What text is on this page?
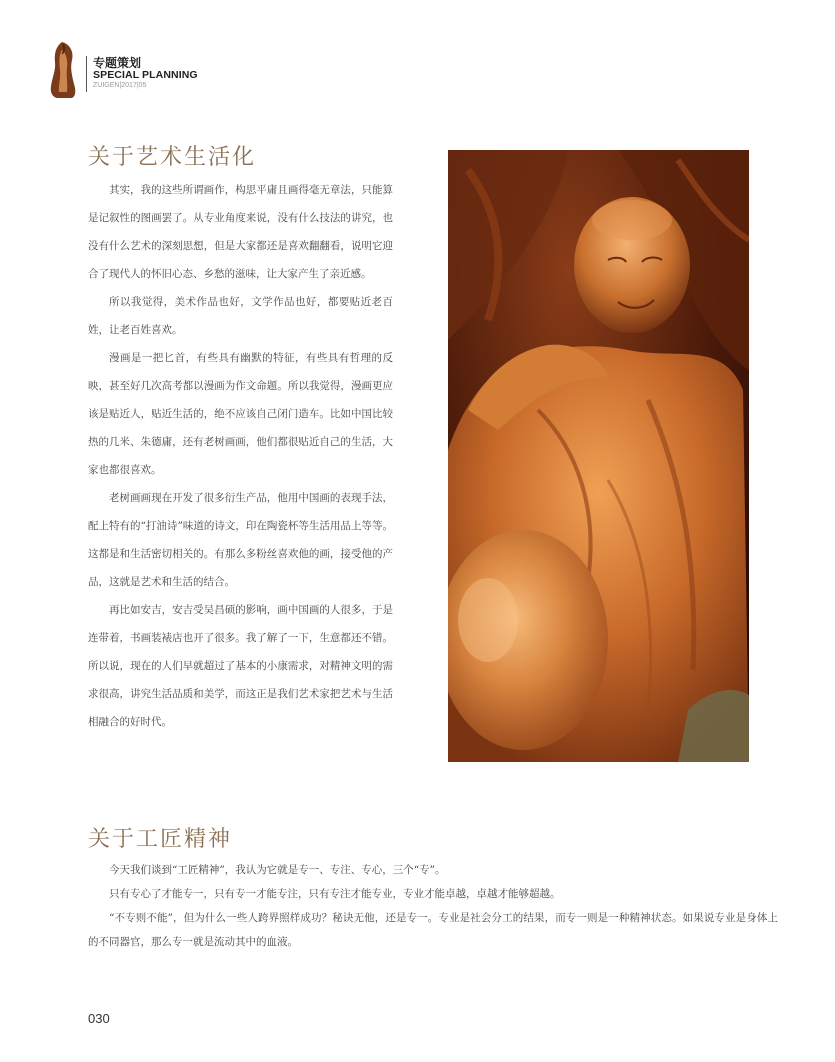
专题策划
SPECIAL PLANNING
ZUIGEN|2017|05
关于艺术生活化

其实，我的这些所谓画作，构思平庸且画得毫无章法，只能算是记叙性的图画罢了。从专业角度来说，没有什么技法的讲究，也没有什么艺术的深刻思想，但是大家都还是喜欢翻翻看，说明它迎合了现代人的怀旧心态、乡愁的滋味，让大家产生了亲近感。

所以我觉得，美术作品也好，文学作品也好，都要贴近老百姓，让老百姓喜欢。

漫画是一把匕首，有些具有幽默的特征，有些具有哲理的反映，甚至好几次高考都以漫画为作文命题。所以我觉得，漫画更应该是贴近人，贴近生活的，绝不应该自己闭门造车。比如中国比较热的几米、朱德庸，还有老树画画，他们都很贴近自己的生活，大家也都很喜欢。

老树画画现在开发了很多衍生产品，他用中国画的表现手法，配上特有的“打油诗”味道的诗文，印在陶瓷杯等生活用品上等等。这都是和生活密切相关的。有那么多粉丝喜欢他的画，接受他的产品，这就是艺术和生活的结合。

再比如安吉，安吉受吴昌硕的影响，画中国画的人很多，于是连带着，书画装裱店也开了很多。我了解了一下，生意都还不错。所以说，现在的人们早就超过了基本的小康需求，对精神文明的需求很高，讲究生活品质和美学，而这正是我们艺术家把艺术与生活相融合的好时代。

关于工匠精神

今天我们谈到“工匠精神”，我认为它就是专一、专注、专心，三个“专”。

只有专心了才能专一，只有专一才能专注，只有专注才能专业，专业才能卓越，卓越才能够超越。

“不专则不能”，但为什么一些人跨界照样成功？秘诀无他，还是专一。专业是社会分工的结果，而专一则是一种精神状态。如果说专业是身体上的不同器官，那么专一就是流动其中的血液。

030
